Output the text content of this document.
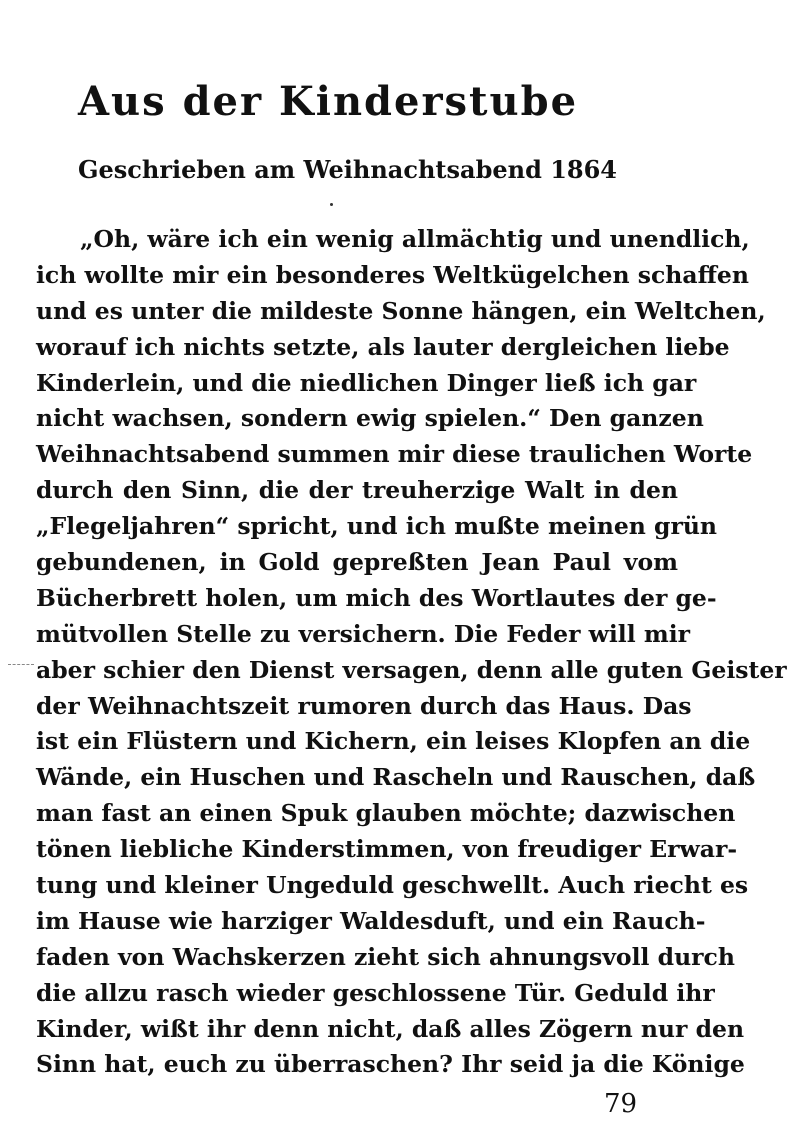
Aus der Kinderstube
Geschrieben am Weihnachtsabend 1864
„Oh, wäre ich ein wenig allmächtig und unendlich,
ich wollte mir ein besonderes Weltkügelchen schaffen
und es unter die mildeste Sonne hängen, ein Weltchen,
worauf ich nichts setzte, als lauter dergleichen liebe
Kinderlein, und die niedlichen Dinger ließ ich gar
nicht wachsen, sondern ewig spielen.“ Den ganzen
Weihnachtsabend summen mir diese traulichen Worte
durch den Sinn, die der treuherzige Walt in den
„Flegeljahren“ spricht, und ich mußte meinen grün
gebundenen, in Gold gepreßten Jean Paul vom
Bücherbrett holen, um mich des Wortlautes der ge-
mütvollen Stelle zu versichern. Die Feder will mir
aber schier den Dienst versagen, denn alle guten Geister
der Weihnachtszeit rumoren durch das Haus. Das
ist ein Flüstern und Kichern, ein leises Klopfen an die
Wände, ein Huschen und Rascheln und Rauschen, daß
man fast an einen Spuk glauben möchte; dazwischen
tönen liebliche Kinderstimmen, von freudiger Erwar-
tung und kleiner Ungeduld geschwellt. Auch riecht es
im Hause wie harziger Waldesduft, und ein Rauch-
faden von Wachskerzen zieht sich ahnungsvoll durch
die allzu rasch wieder geschlossene Tür. Geduld ihr
Kinder, wißt ihr denn nicht, daß alles Zögern nur den
Sinn hat, euch zu überraschen? Ihr seid ja die Könige
79
